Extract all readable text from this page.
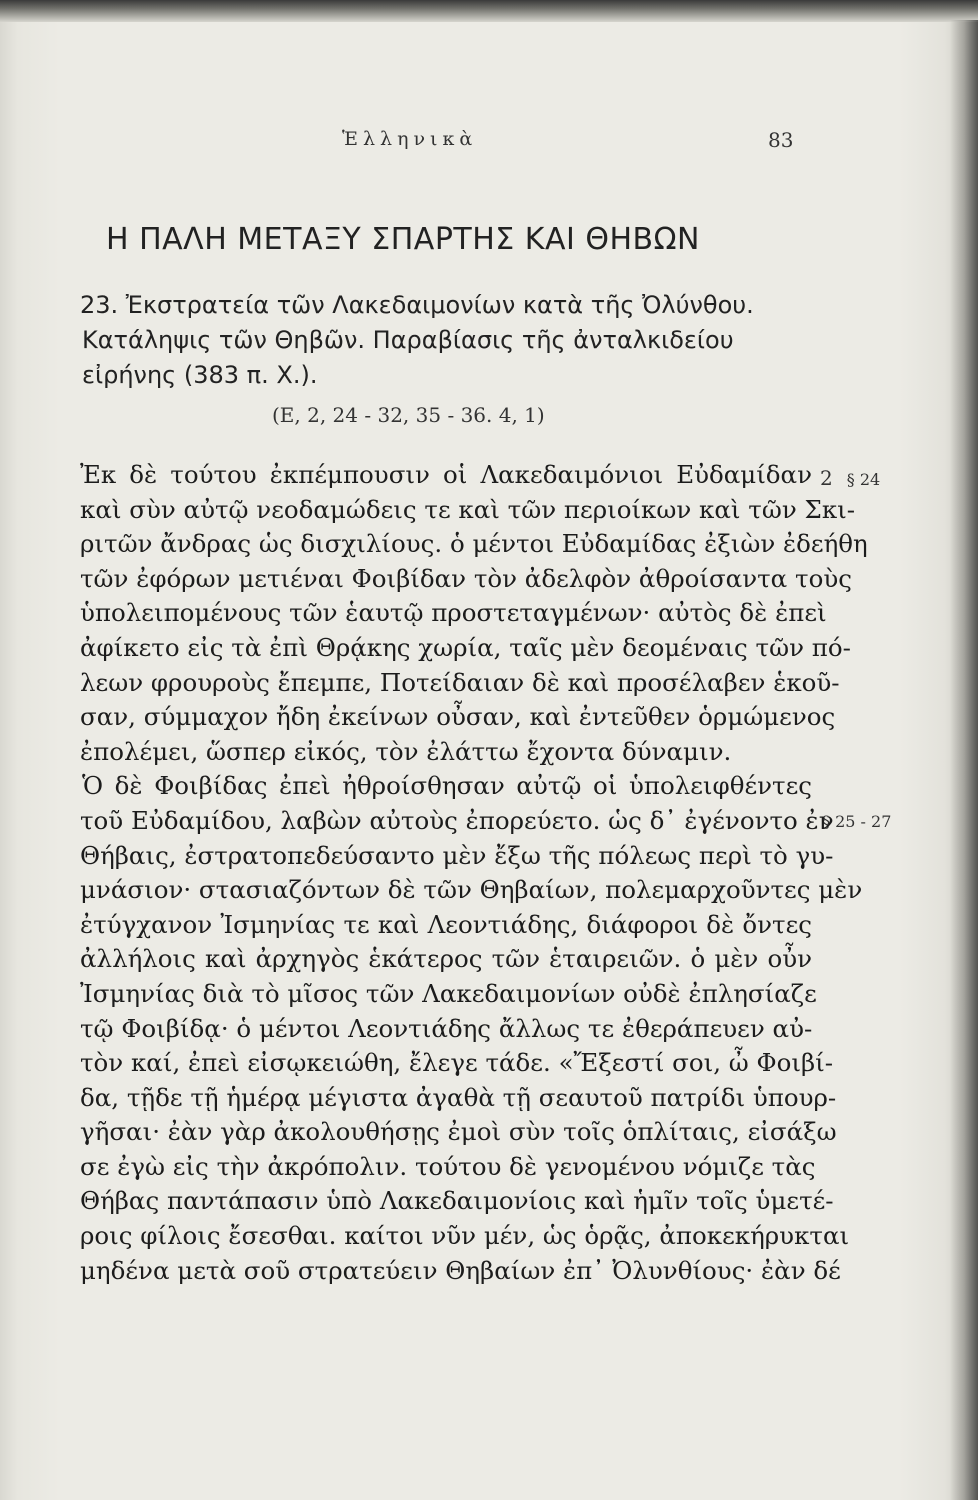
Ἑλληνικὰ	83
Η ΠΑΛΗ ΜΕΤΑΞΥ ΣΠΑΡΤΗΣ ΚΑΙ ΘΗΒΩΝ

23. Ἐκστρατεία τῶν Λακεδαιμονίων κατὰ τῆς Ὀλύνθου.

Κατάληψις τῶν Θηβῶν. Παραβίασις τῆς ἀνταλκιδείου

εἰρήνης (383 π. Χ.).

(Ε, 2, 24 - 32, 35 - 36. 4, 1)
2 § 24
§ 25 - 27
Ἐκ δὲ τούτου ἐκπέμπουσιν οἱ Λακεδαιμόνιοι Εὐδαμίδαν
καὶ σὺν αὐτῷ νεοδαμώδεις τε καὶ τῶν περιοίκων καὶ τῶν Σκι-
ριτῶν ἄνδρας ὡς δισχιλίους. ὁ μέντοι Εὐδαμίδας ἐξιὼν ἐδεήθη
τῶν ἐφόρων μετιέναι Φοιβίδαν τὸν ἀδελφὸν ἀθροίσαντα τοὺς
ὑπολειπομένους τῶν ἑαυτῷ προστεταγμένων· αὐτὸς δὲ ἐπεὶ
ἀφίκετο εἰς τὰ ἐπὶ Θρᾴκης χωρία, ταῖς μὲν δεομέναις τῶν πό-
λεων φρουροὺς ἔπεμπε, Ποτείδαιαν δὲ καὶ προσέλαβεν ἑκοῦ-
σαν, σύμμαχον ἤδη ἐκείνων οὖσαν, καὶ ἐντεῦθεν ὁρμώμενος
ἐπολέμει, ὥσπερ εἰκός, τὸν ἐλάττω ἔχοντα δύναμιν.
Ὁ δὲ Φοιβίδας ἐπεὶ ἠθροίσθησαν αὐτῷ οἱ ὑπολειφθέντες
τοῦ Εὐδαμίδου, λαβὼν αὐτοὺς ἐπορεύετο. ὡς δ᾽ ἐγένοντο ἐν
Θήβαις, ἐστρατοπεδεύσαντο μὲν ἔξω τῆς πόλεως περὶ τὸ γυ-
μνάσιον· στασιαζόντων δὲ τῶν Θηβαίων, πολεμαρχοῦντες μὲν
ἐτύγχανον Ἰσμηνίας τε καὶ Λεοντιάδης, διάφοροι δὲ ὄντες
ἀλλήλοις καὶ ἀρχηγὸς ἑκάτερος τῶν ἑταιρειῶν. ὁ μὲν οὖν
Ἰσμηνίας διὰ τὸ μῖσος τῶν Λακεδαιμονίων οὐδὲ ἐπλησίαζε
τῷ Φοιβίδᾳ· ὁ μέντοι Λεοντιάδης ἄλλως τε ἐθεράπευεν αὐ-
τὸν καί, ἐπεὶ εἰσῳκειώθη, ἔλεγε τάδε. «Ἔξεστί σοι, ὦ Φοιβί-
δα, τῇδε τῇ ἡμέρᾳ μέγιστα ἀγαθὰ τῇ σεαυτοῦ πατρίδι ὑπουρ-
γῆσαι· ἐὰν γὰρ ἀκολουθήσῃς ἐμοὶ σὺν τοῖς ὁπλίταις, εἰσάξω
σε ἐγὼ εἰς τὴν ἀκρόπολιν. τούτου δὲ γενομένου νόμιζε τὰς
Θήβας παντάπασιν ὑπὸ Λακεδαιμονίοις καὶ ἡμῖν τοῖς ὑμετέ-
ροις φίλοις ἔσεσθαι. καίτοι νῦν μέν, ὡς ὁρᾷς, ἀποκεκήρυκται
μηδένα μετὰ σοῦ στρατεύειν Θηβαίων ἐπ᾽ Ὀλυνθίους· ἐὰν δέ
